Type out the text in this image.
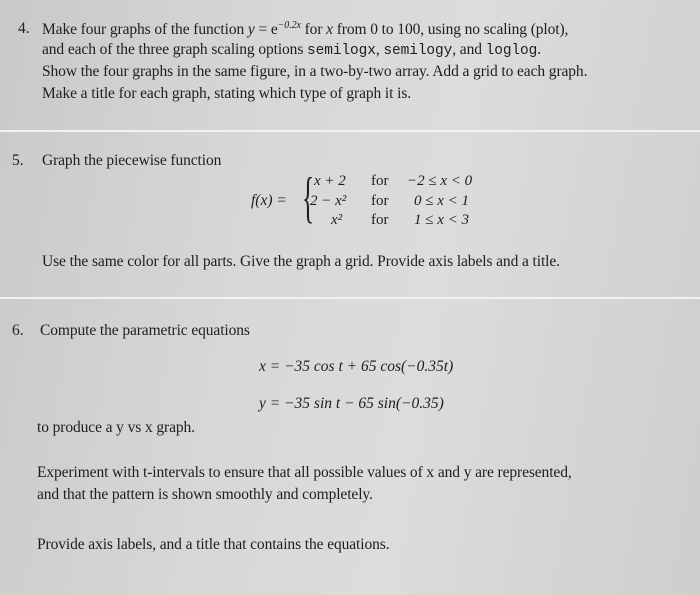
4. Make four graphs of the function $y = e^{-0.2x}$ for x from 0 to 100, using no scaling (plot),
and each of the three graph scaling options semilogx, semilogy, and loglog.
Show the four graphs in the same figure, in a two-by-two array. Add a grid to each graph.
Make a title for each graph, stating which type of graph it is.
5. Graph the piecewise function
f(x) = { x + 2 for −2 ≤ x < 0
2 − x² for 0 ≤ x < 1
x² for 1 ≤ x < 3
Use the same color for all parts. Give the graph a grid. Provide axis labels and a title.
6. Compute the parametric equations
x = −35 cos t + 65 cos(−0.35t)
y = −35 sin t − 65 sin(−0.35)
to produce a y vs x graph.
Experiment with t-intervals to ensure that all possible values of x and y are represented,
and that the pattern is shown smoothly and completely.
Provide axis labels, and a title that contains the equations.
